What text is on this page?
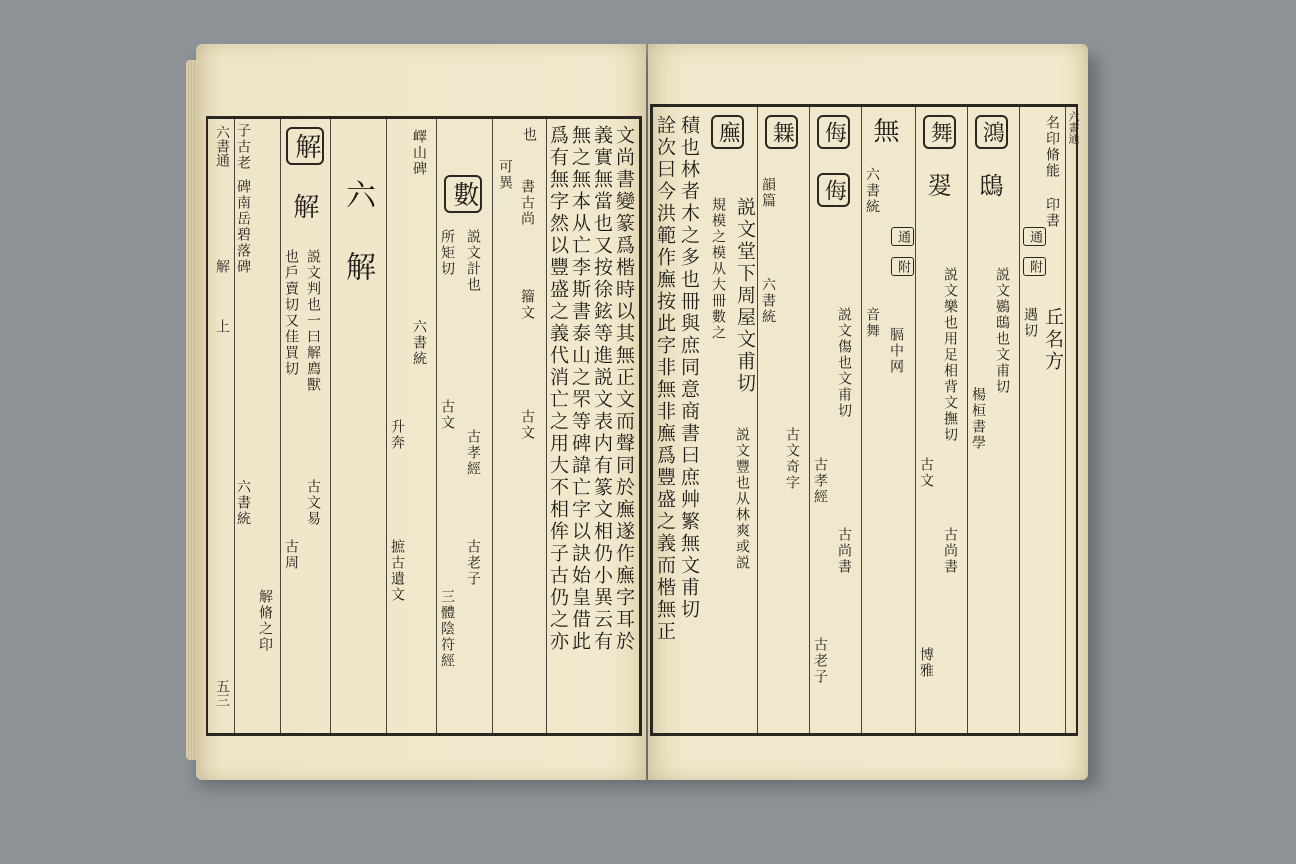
六書通
解
上
五三
子古老
碑南岳碧落碑
解脩之印
六書統
解
解
説文判也一曰解廌獸
也戶賣切又佳買切
古文易
古周
六　解
嶧山碑
六書統
升奔
摭古遺文
數
所矩切 説文計也
古文
古孝經
古老子
三體陰符經
也
可異
書古尚
籀文
古文 爲有無字然以豐盛之義代消亡之用大不相侔子古仍之亦 無之無本从亡李斯書泰山之罘等碑諱亡字以訣始皇借此 義實無當也又按徐鉉等進説文表内有篆文相仍小異云有 文尚書變篆爲楷時以其無正文而聲同於廡遂作廡字耳於 詮次曰今洪範作廡按此字非無非廡爲豐盛之義而楷無正 積也林者木之多也冊與庶同意商書曰庶艸繁無文甫切 廡
説文堂下周屋文甫切
規模之模从大冊數之
説文豐也从林爽或説
橆
韻篇
六書統
古文奇字
侮
侮
説文傷也文甫切
古孝經
古尚書
古老子
無
六書統
通
附
音舞
膈中网
舞
翇
説文樂也用足相背文撫切
古文
古尚書
博雅
鴻
鴟
説文鷃鴟也文甫切
楊桓書學
名印脩能
印書
通
附
丘名方
遇切
六書通
